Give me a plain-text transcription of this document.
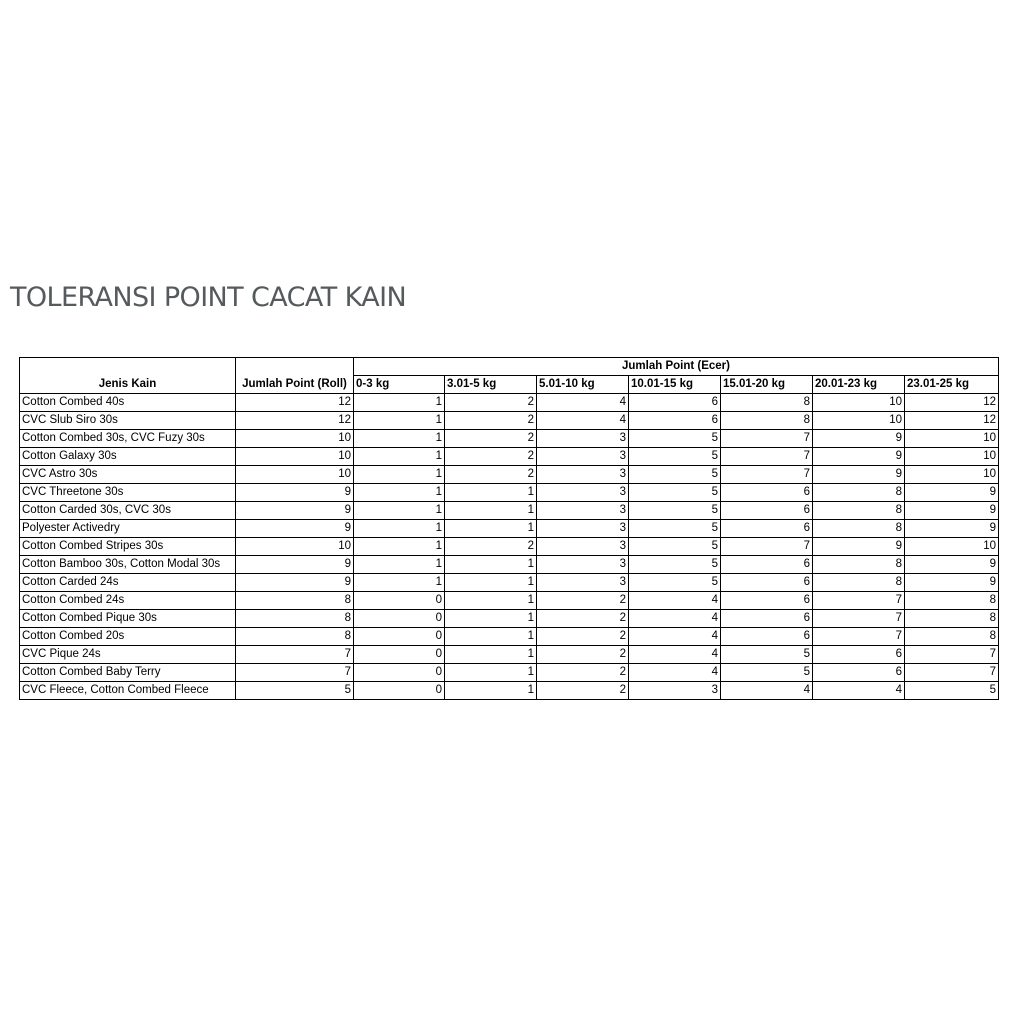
TOLERANSI POINT CACAT KAIN
Jenis Kain	Jumlah Point (Roll)	Jumlah Point (Ecer)						
		0-3 kg	3.01-5 kg	5.01-10 kg	10.01-15 kg	15.01-20 kg	20.01-23 kg	23.01-25 kg
Cotton Combed 40s	12	1	2	4	6	8	10	12
CVC Slub Siro 30s	12	1	2	4	6	8	10	12
Cotton Combed 30s, CVC Fuzy 30s	10	1	2	3	5	7	9	10
Cotton Galaxy 30s	10	1	2	3	5	7	9	10
CVC Astro 30s	10	1	2	3	5	7	9	10
CVC Threetone 30s	9	1	1	3	5	6	8	9
Cotton Carded 30s, CVC 30s	9	1	1	3	5	6	8	9
Polyester Activedry	9	1	1	3	5	6	8	9
Cotton Combed Stripes 30s	10	1	2	3	5	7	9	10
Cotton Bamboo 30s, Cotton Modal 30s	9	1	1	3	5	6	8	9
Cotton Carded 24s	9	1	1	3	5	6	8	9
Cotton Combed 24s	8	0	1	2	4	6	7	8
Cotton Combed Pique 30s	8	0	1	2	4	6	7	8
Cotton Combed 20s	8	0	1	2	4	6	7	8
CVC Pique 24s	7	0	1	2	4	5	6	7
Cotton Combed Baby Terry	7	0	1	2	4	5	6	7
CVC Fleece, Cotton Combed Fleece	5	0	1	2	3	4	4	5
